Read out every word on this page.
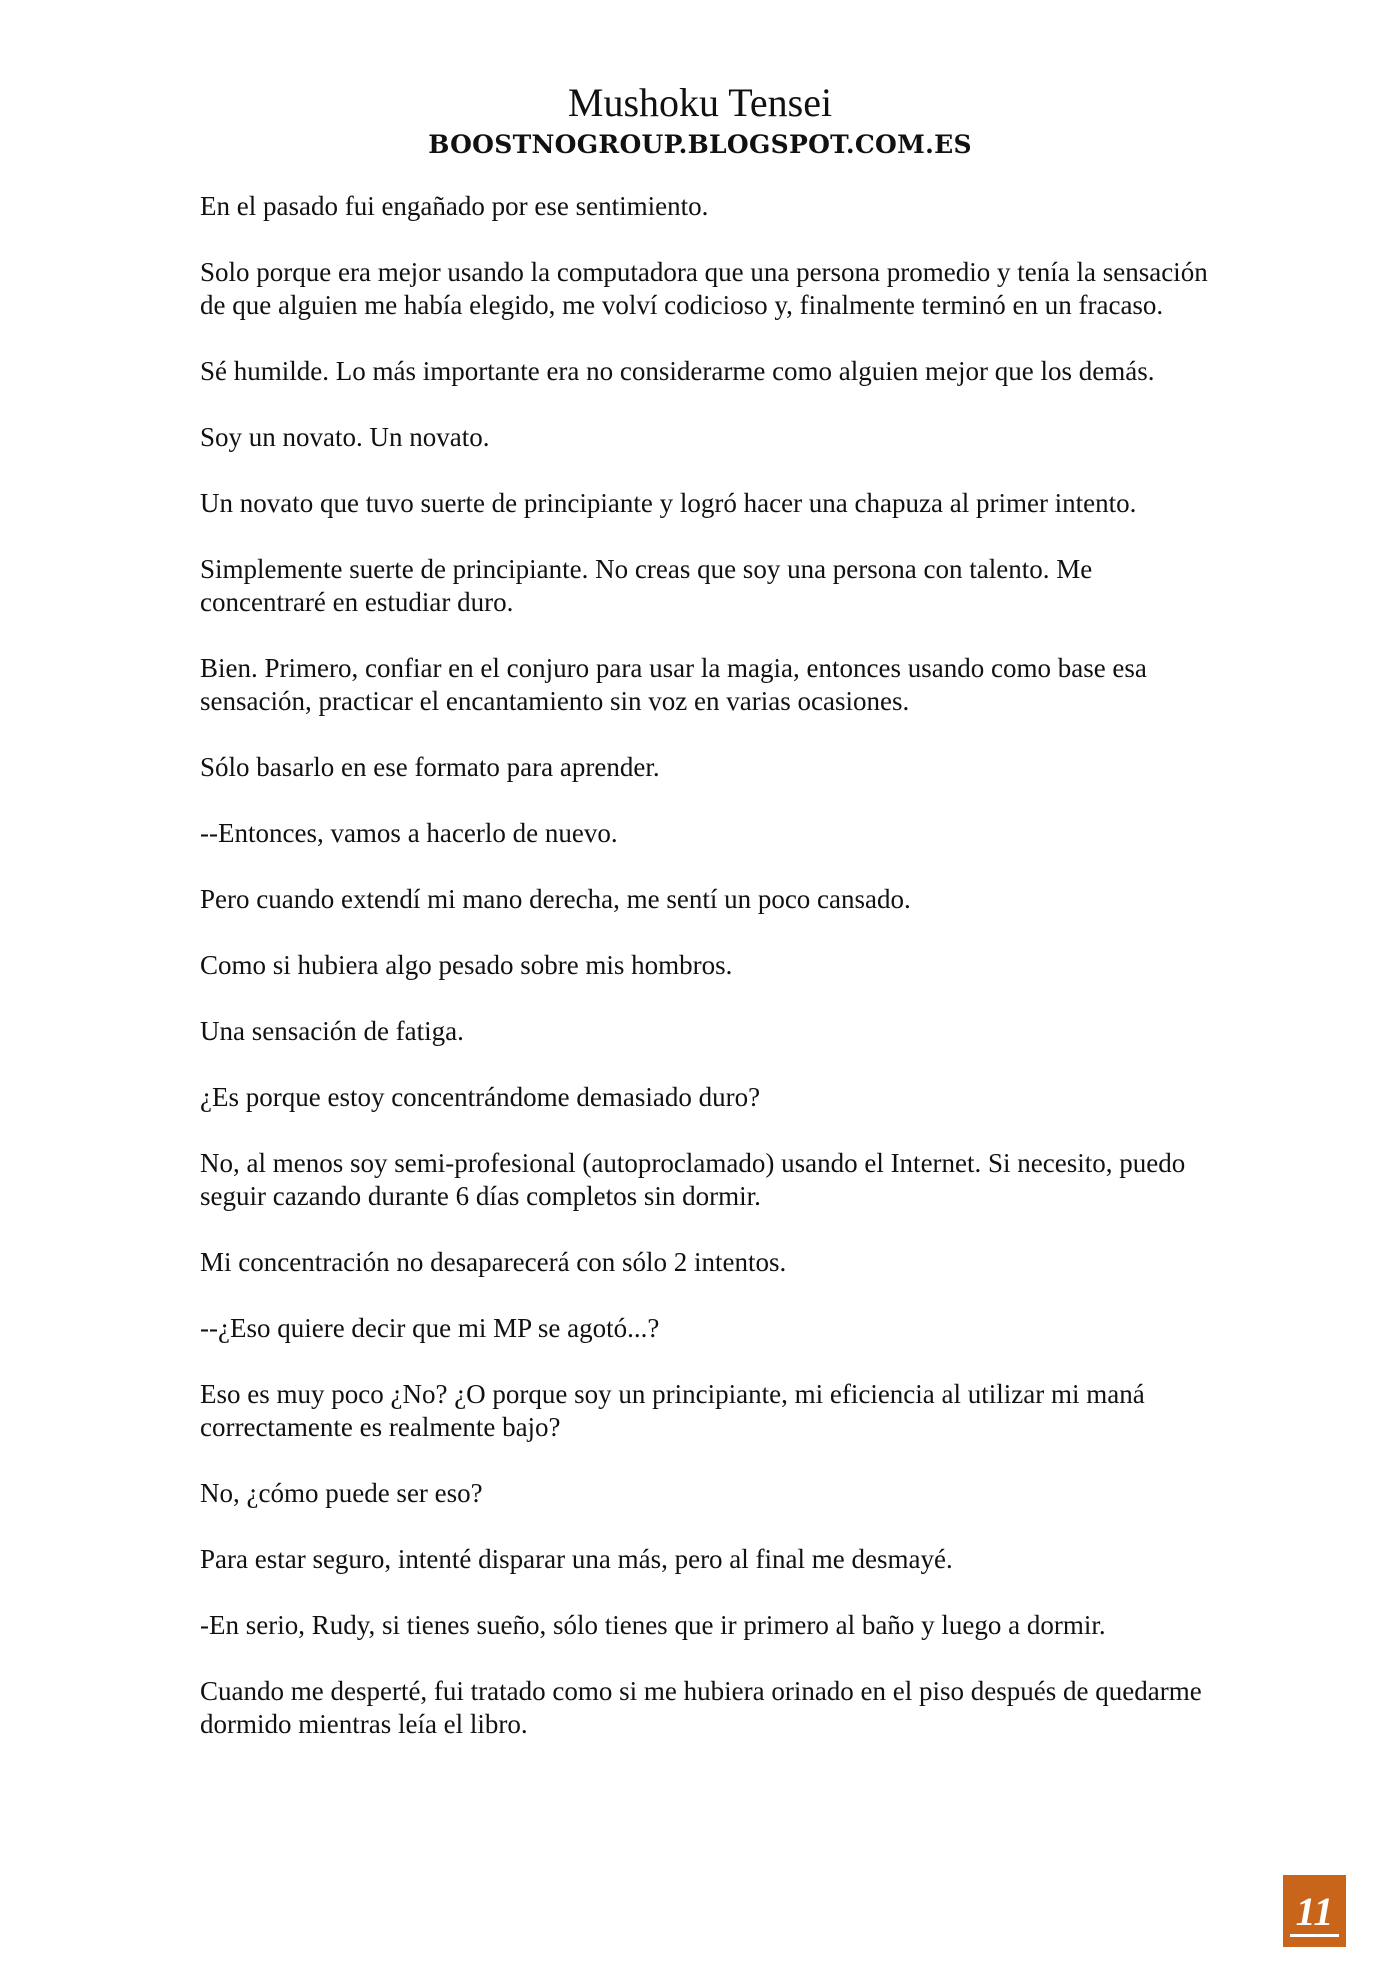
Mushoku Tensei
BOOSTNOGROUP.BLOGSPOT.COM.ES

En el pasado fui engañado por ese sentimiento.

Solo porque era mejor usando la computadora que una persona promedio y tenía la sensación de que alguien me había elegido, me volví codicioso y, finalmente terminó en un fracaso.

Sé humilde. Lo más importante era no considerarme como alguien mejor que los demás.

Soy un novato. Un novato.

Un novato que tuvo suerte de principiante y logró hacer una chapuza al primer intento.

Simplemente suerte de principiante. No creas que soy una persona con talento. Me concentraré en estudiar duro.

Bien. Primero, confiar en el conjuro para usar la magia, entonces usando como base esa sensación, practicar el encantamiento sin voz en varias ocasiones.

Sólo basarlo en ese formato para aprender.

--Entonces, vamos a hacerlo de nuevo.

Pero cuando extendí mi mano derecha, me sentí un poco cansado.

Como si hubiera algo pesado sobre mis hombros.

Una sensación de fatiga.

¿Es porque estoy concentrándome demasiado duro?

No, al menos soy semi-profesional (autoproclamado) usando el Internet. Si necesito, puedo seguir cazando durante 6 días completos sin dormir.

Mi concentración no desaparecerá con sólo 2 intentos.

--¿Eso quiere decir que mi MP se agotó...?

Eso es muy poco ¿No? ¿O porque soy un principiante, mi eficiencia al utilizar mi maná correctamente es realmente bajo?

No, ¿cómo puede ser eso?

Para estar seguro, intenté disparar una más, pero al final me desmayé.

-En serio, Rudy, si tienes sueño, sólo tienes que ir primero al baño y luego a dormir.

Cuando me desperté, fui tratado como si me hubiera orinado en el piso después de quedarme dormido mientras leía el libro.

11
